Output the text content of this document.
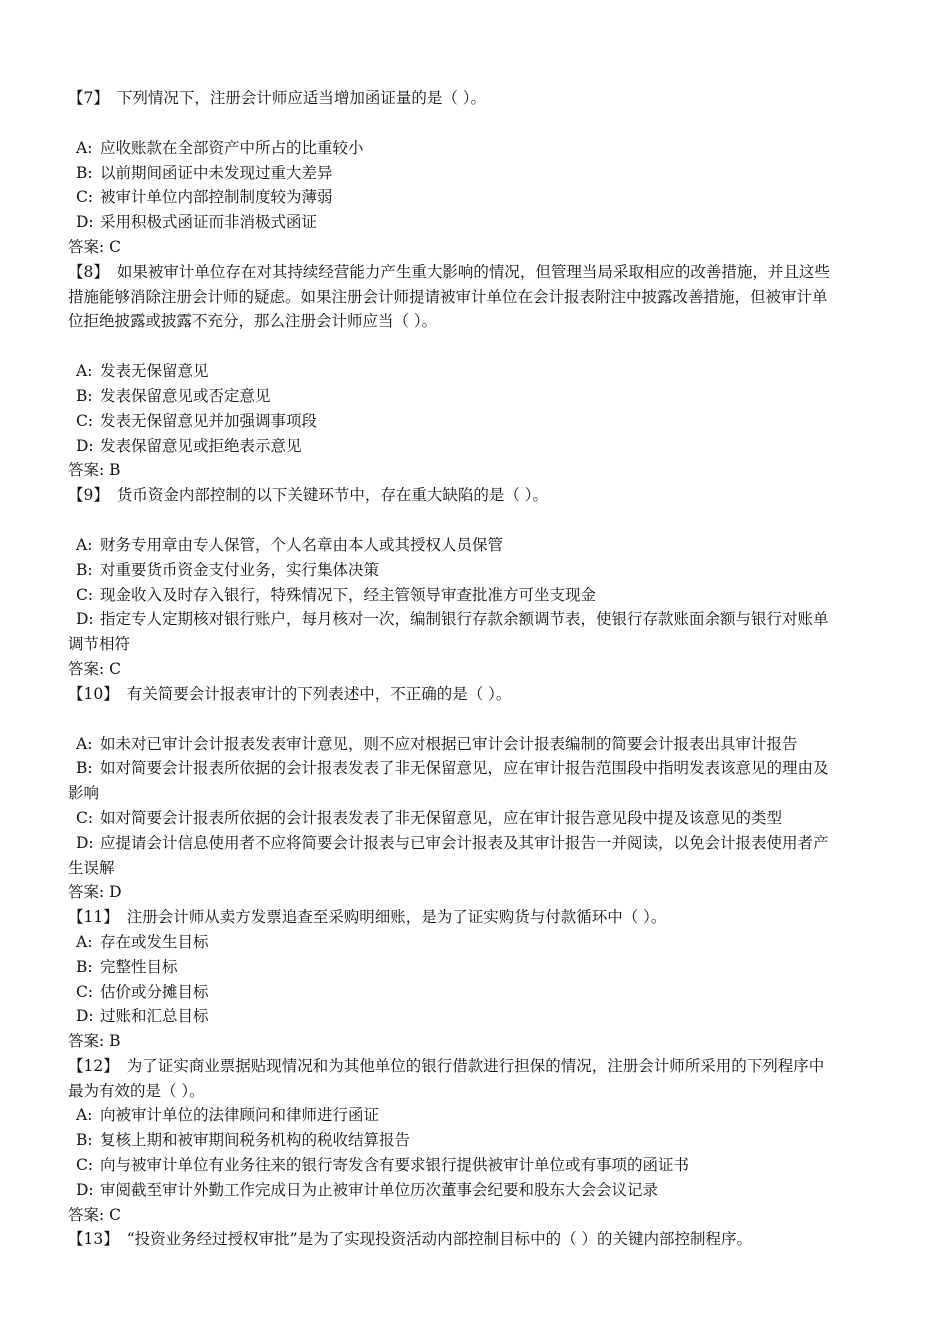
【7】 下列情况下，注册会计师应适当增加函证量的是（ ）。
A: 应收账款在全部资产中所占的比重较小
B: 以前期间函证中未发现过重大差异
C: 被审计单位内部控制制度较为薄弱
D: 采用积极式函证而非消极式函证
答案: C
【8】 如果被审计单位存在对其持续经营能力产生重大影响的情况，但管理当局采取相应的改善措施，并且这些
措施能够消除注册会计师的疑虑。如果注册会计师提请被审计单位在会计报表附注中披露改善措施，但被审计单
位拒绝披露或披露不充分，那么注册会计师应当（ ）。
A: 发表无保留意见
B: 发表保留意见或否定意见
C: 发表无保留意见并加强调事项段
D: 发表保留意见或拒绝表示意见
答案: B
【9】 货币资金内部控制的以下关键环节中，存在重大缺陷的是（ ）。
A: 财务专用章由专人保管，个人名章由本人或其授权人员保管
B: 对重要货币资金支付业务，实行集体决策
C: 现金收入及时存入银行，特殊情况下，经主管领导审查批准方可坐支现金
D: 指定专人定期核对银行账户，每月核对一次，编制银行存款余额调节表，使银行存款账面余额与银行对账单
调节相符
答案: C
【10】 有关简要会计报表审计的下列表述中，不正确的是（ ）。
A: 如未对已审计会计报表发表审计意见，则不应对根据已审计会计报表编制的简要会计报表出具审计报告
B: 如对简要会计报表所依据的会计报表发表了非无保留意见，应在审计报告范围段中指明发表该意见的理由及
影响
C: 如对简要会计报表所依据的会计报表发表了非无保留意见，应在审计报告意见段中提及该意见的类型
D: 应提请会计信息使用者不应将简要会计报表与已审会计报表及其审计报告一并阅读，以免会计报表使用者产
生误解
答案: D
【11】 注册会计师从卖方发票追查至采购明细账，是为了证实购货与付款循环中（ ）。
A: 存在或发生目标
B: 完整性目标
C: 估价或分摊目标
D: 过账和汇总目标
答案: B
【12】 为了证实商业票据贴现情况和为其他单位的银行借款进行担保的情况，注册会计师所采用的下列程序中
最为有效的是（ ）。
A: 向被审计单位的法律顾问和律师进行函证
B: 复核上期和被审期间税务机构的税收结算报告
C: 向与被审计单位有业务往来的银行寄发含有要求银行提供被审计单位或有事项的函证书
D: 审阅截至审计外勤工作完成日为止被审计单位历次董事会纪要和股东大会会议记录
答案: C
【13】 “投资业务经过授权审批”是为了实现投资活动内部控制目标中的（ ）的关键内部控制程序。
